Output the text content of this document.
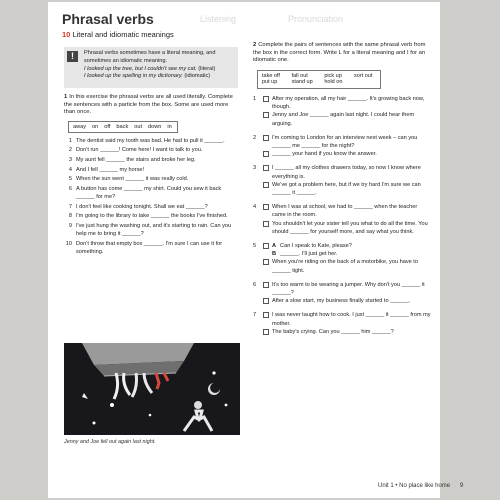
Listening	Pronunciation
Phrasal verbs
10 Literal and idiomatic meanings
!	Phrasal verbs sometimes have a literal meaning, and sometimes an idiomatic meaning.
I looked up the tree, but I couldn't see my cat. (literal)
I looked up the spelling in my dictionary. (idiomatic)
1 In this exercise the phrasal verbs are all used literally. Complete the sentences with a particle from the box. Some are used more than once.
away on off back out down in
1 The dentist said my tooth was bad. He had to pull it ______.
2 Don't run ______! Come here! I want to talk to you.
3 My aunt fell ______ the stairs and broke her leg.
4 And I fell ______ my horse!
5 When the sun went ______ it was really cold.
6 A button has come ______ my shirt. Could you sew it back ______ for me?
7 I don't feel like cooking tonight. Shall we eat ______?
8 I'm going to the library to take ______ the books I've finished.
9 I've just hung the washing out, and it's starting to rain. Can you help me to bring it ______?
10 Don't throw that empty box ______. I'm sure I can use it for something.
Jenny and Joe fell out again last night.
2 Complete the pairs of sentences with the same phrasal verb from the box in the correct form. Write L for a literal meaning and I for an idiomatic one.
take off	fall out	pick up	sort out
put up	stand up	hold on
1	After my operation, all my hair ______. It's growing back now, though.
Jenny and Joe ______ again last night. I could hear them arguing.
2	I'm coming to London for an interview next week – can you ______ me ______ for the night?
______ your hand if you know the answer.
3	I ______ all my clothes drawers today, so now I know where everything is.
We've got a problem here, but if we try hard I'm sure we can ______ it ______.
4	When I was at school, we had to ______ when the teacher came in the room.
You shouldn't let your sister tell you what to do all the time. You should ______ for yourself more, and say what you think.
5	A Can I speak to Kate, please?
B ______. I'll just get her.
When you're riding on the back of a motorbike, you have to ______ tight.
6	It's too warm to be wearing a jumper. Why don't you ______ it ______?
After a slow start, my business finally started to ______.
7	I was never taught how to cook. I just ______ it ______ from my mother.
The baby's crying. Can you ______ him ______?
Unit 1 • No place like home 9
